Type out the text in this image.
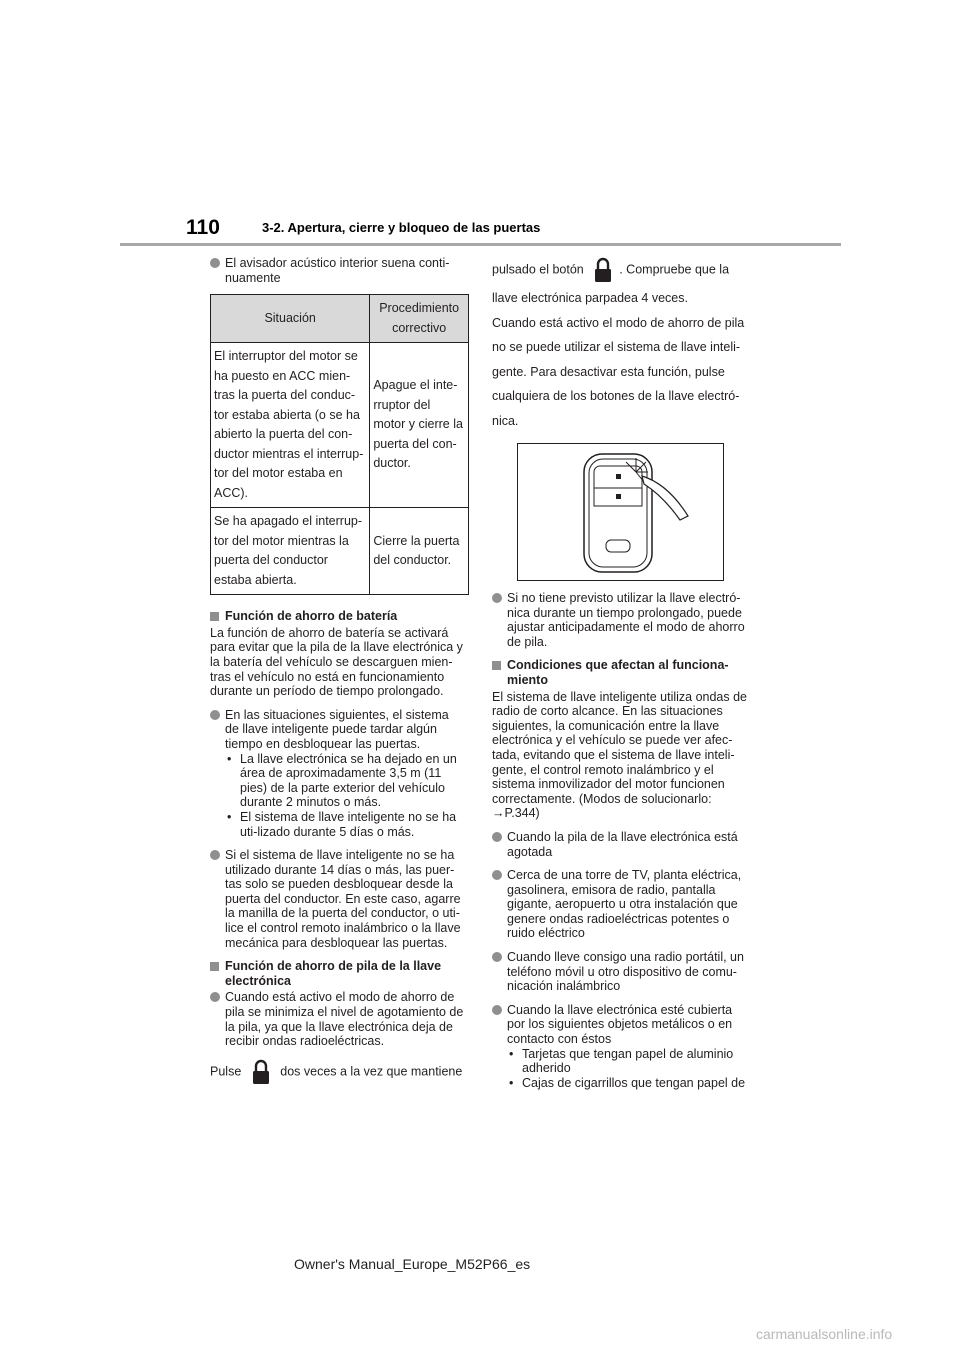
110	3-2. Apertura, cierre y bloqueo de las puertas

El avisador acústico interior suena conti-nuamente

Situación	Procedimiento correctivo
El interruptor del motor se ha puesto en ACC mien-tras la puerta del conduc-tor estaba abierta (o se ha abierto la puerta del con-ductor mientras el interrup-tor del motor estaba en ACC).	Apague el inte-rruptor del motor y cierre la puerta del con-ductor.
Se ha apagado el interrup-tor del motor mientras la puerta del conductor estaba abierta.	Cierre la puerta del conductor.
Función de ahorro de batería

La función de ahorro de batería se activará para evitar que la pila de la llave electrónica y la batería del vehículo se descarguen mien-tras el vehículo no está en funcionamiento durante un período de tiempo prolongado.

En las situaciones siguientes, el sistema de llave inteligente puede tardar algún tiempo en desbloquear las puertas.

• La llave electrónica se ha dejado en un área de aproximadamente 3,5 m (11 pies) de la parte exterior del vehículo durante 2 minutos o más.
• El sistema de llave inteligente no se ha uti-lizado durante 5 días o más.

Si el sistema de llave inteligente no se ha utilizado durante 14 días o más, las puer-tas solo se pueden desbloquear desde la puerta del conductor. En este caso, agarre la manilla de la puerta del conductor, o uti-lice el control remoto inalámbrico o la llave mecánica para desbloquear las puertas.

Función de ahorro de pila de la llave electrónica

Cuando está activo el modo de ahorro de pila se minimiza el nivel de agotamiento de la pila, ya que la llave electrónica deja de recibir ondas radioeléctricas.

Pulse	dos veces a la vez que mantiene

pulsado el botón	. Compruebe que la

llave electrónica parpadea 4 veces.

Cuando está activo el modo de ahorro de pila no se puede utilizar el sistema de llave inteli-gente. Para desactivar esta función, pulse cualquiera de los botones de la llave electró-nica.

Si no tiene previsto utilizar la llave electró-nica durante un tiempo prolongado, puede ajustar anticipadamente el modo de ahorro de pila.

Condiciones que afectan al funciona-miento

El sistema de llave inteligente utiliza ondas de radio de corto alcance. En las situaciones siguientes, la comunicación entre la llave electrónica y el vehículo se puede ver afec-tada, evitando que el sistema de llave inteli-gente, el control remoto inalámbrico y el sistema inmovilizador del motor funcionen correctamente. (Modos de solucionarlo:
→P.344)

Cuando la pila de la llave electrónica está agotada

Cerca de una torre de TV, planta eléctrica, gasolinera, emisora de radio, pantalla gigante, aeropuerto u otra instalación que genere ondas radioeléctricas potentes o ruido eléctrico

Cuando lleve consigo una radio portátil, un teléfono móvil u otro dispositivo de comu-nicación inalámbrico

Cuando la llave electrónica esté cubierta por los siguientes objetos metálicos o en contacto con éstos

• Tarjetas que tengan papel de aluminio adherido
• Cajas de cigarrillos que tengan papel de
Owner's Manual_Europe_M52P66_es
carmanualsonline.info
